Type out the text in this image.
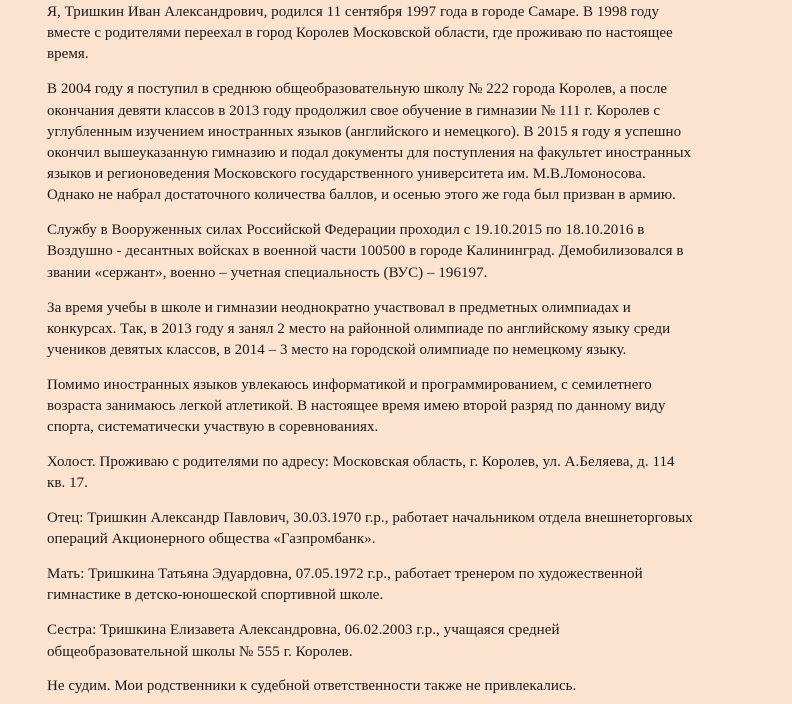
Я, Тришкин Иван Александрович, родился 11 сентября 1997 года в городе Самаре. В 1998 году
вместе с родителями переехал в город Королев Московской области, где проживаю по настоящее
время.

В 2004 году я поступил в среднюю общеобразовательную школу № 222 города Королев, а после
окончания девяти классов в 2013 году продолжил свое обучение в гимназии № 111 г. Королев с
углубленным изучением иностранных языков (английского и немецкого). В 2015 я году я успешно
окончил вышеуказанную гимназию и подал документы для поступления на факультет иностранных
языков и регионоведения Московского государственного университета им. М.В.Ломоносова.
Однако не набрал достаточного количества баллов, и осенью этого же года был призван в армию.

Службу в Вооруженных силах Российской Федерации проходил с 19.10.2015 по 18.10.2016 в
Воздушно - десантных войсках в военной части 100500 в городе Калининград. Демобилизовался в
звании «сержант», военно – учетная специальность (ВУС) – 196197.

За время учебы в школе и гимназии неоднократно участвовал в предметных олимпиадах и
конкурсах. Так, в 2013 году я занял 2 место на районной олимпиаде по английскому языку среди
учеников девятых классов, в 2014 – 3 место на городской олимпиаде по немецкому языку.

Помимо иностранных языков увлекаюсь информатикой и программированием, с семилетнего
возраста занимаюсь легкой атлетикой. В настоящее время имею второй разряд по данному виду
спорта, систематически участвую в соревнованиях.

Холост. Проживаю с родителями по адресу: Московская область, г. Королев, ул. А.Беляева, д. 114
кв. 17.

Отец: Тришкин Александр Павлович, 30.03.1970 г.р., работает начальником отдела внешнеторговых
операций Акционерного общества «Газпромбанк».

Мать: Тришкина Татьяна Эдуардовна, 07.05.1972 г.р., работает тренером по художественной
гимнастике в детско-юношеской спортивной школе.

Сестра: Тришкина Елизавета Александровна, 06.02.2003 г.р., учащаяся средней
общеобразовательной школы № 555 г. Королев.

Не судим. Мои родственники к судебной ответственности также не привлекались.
